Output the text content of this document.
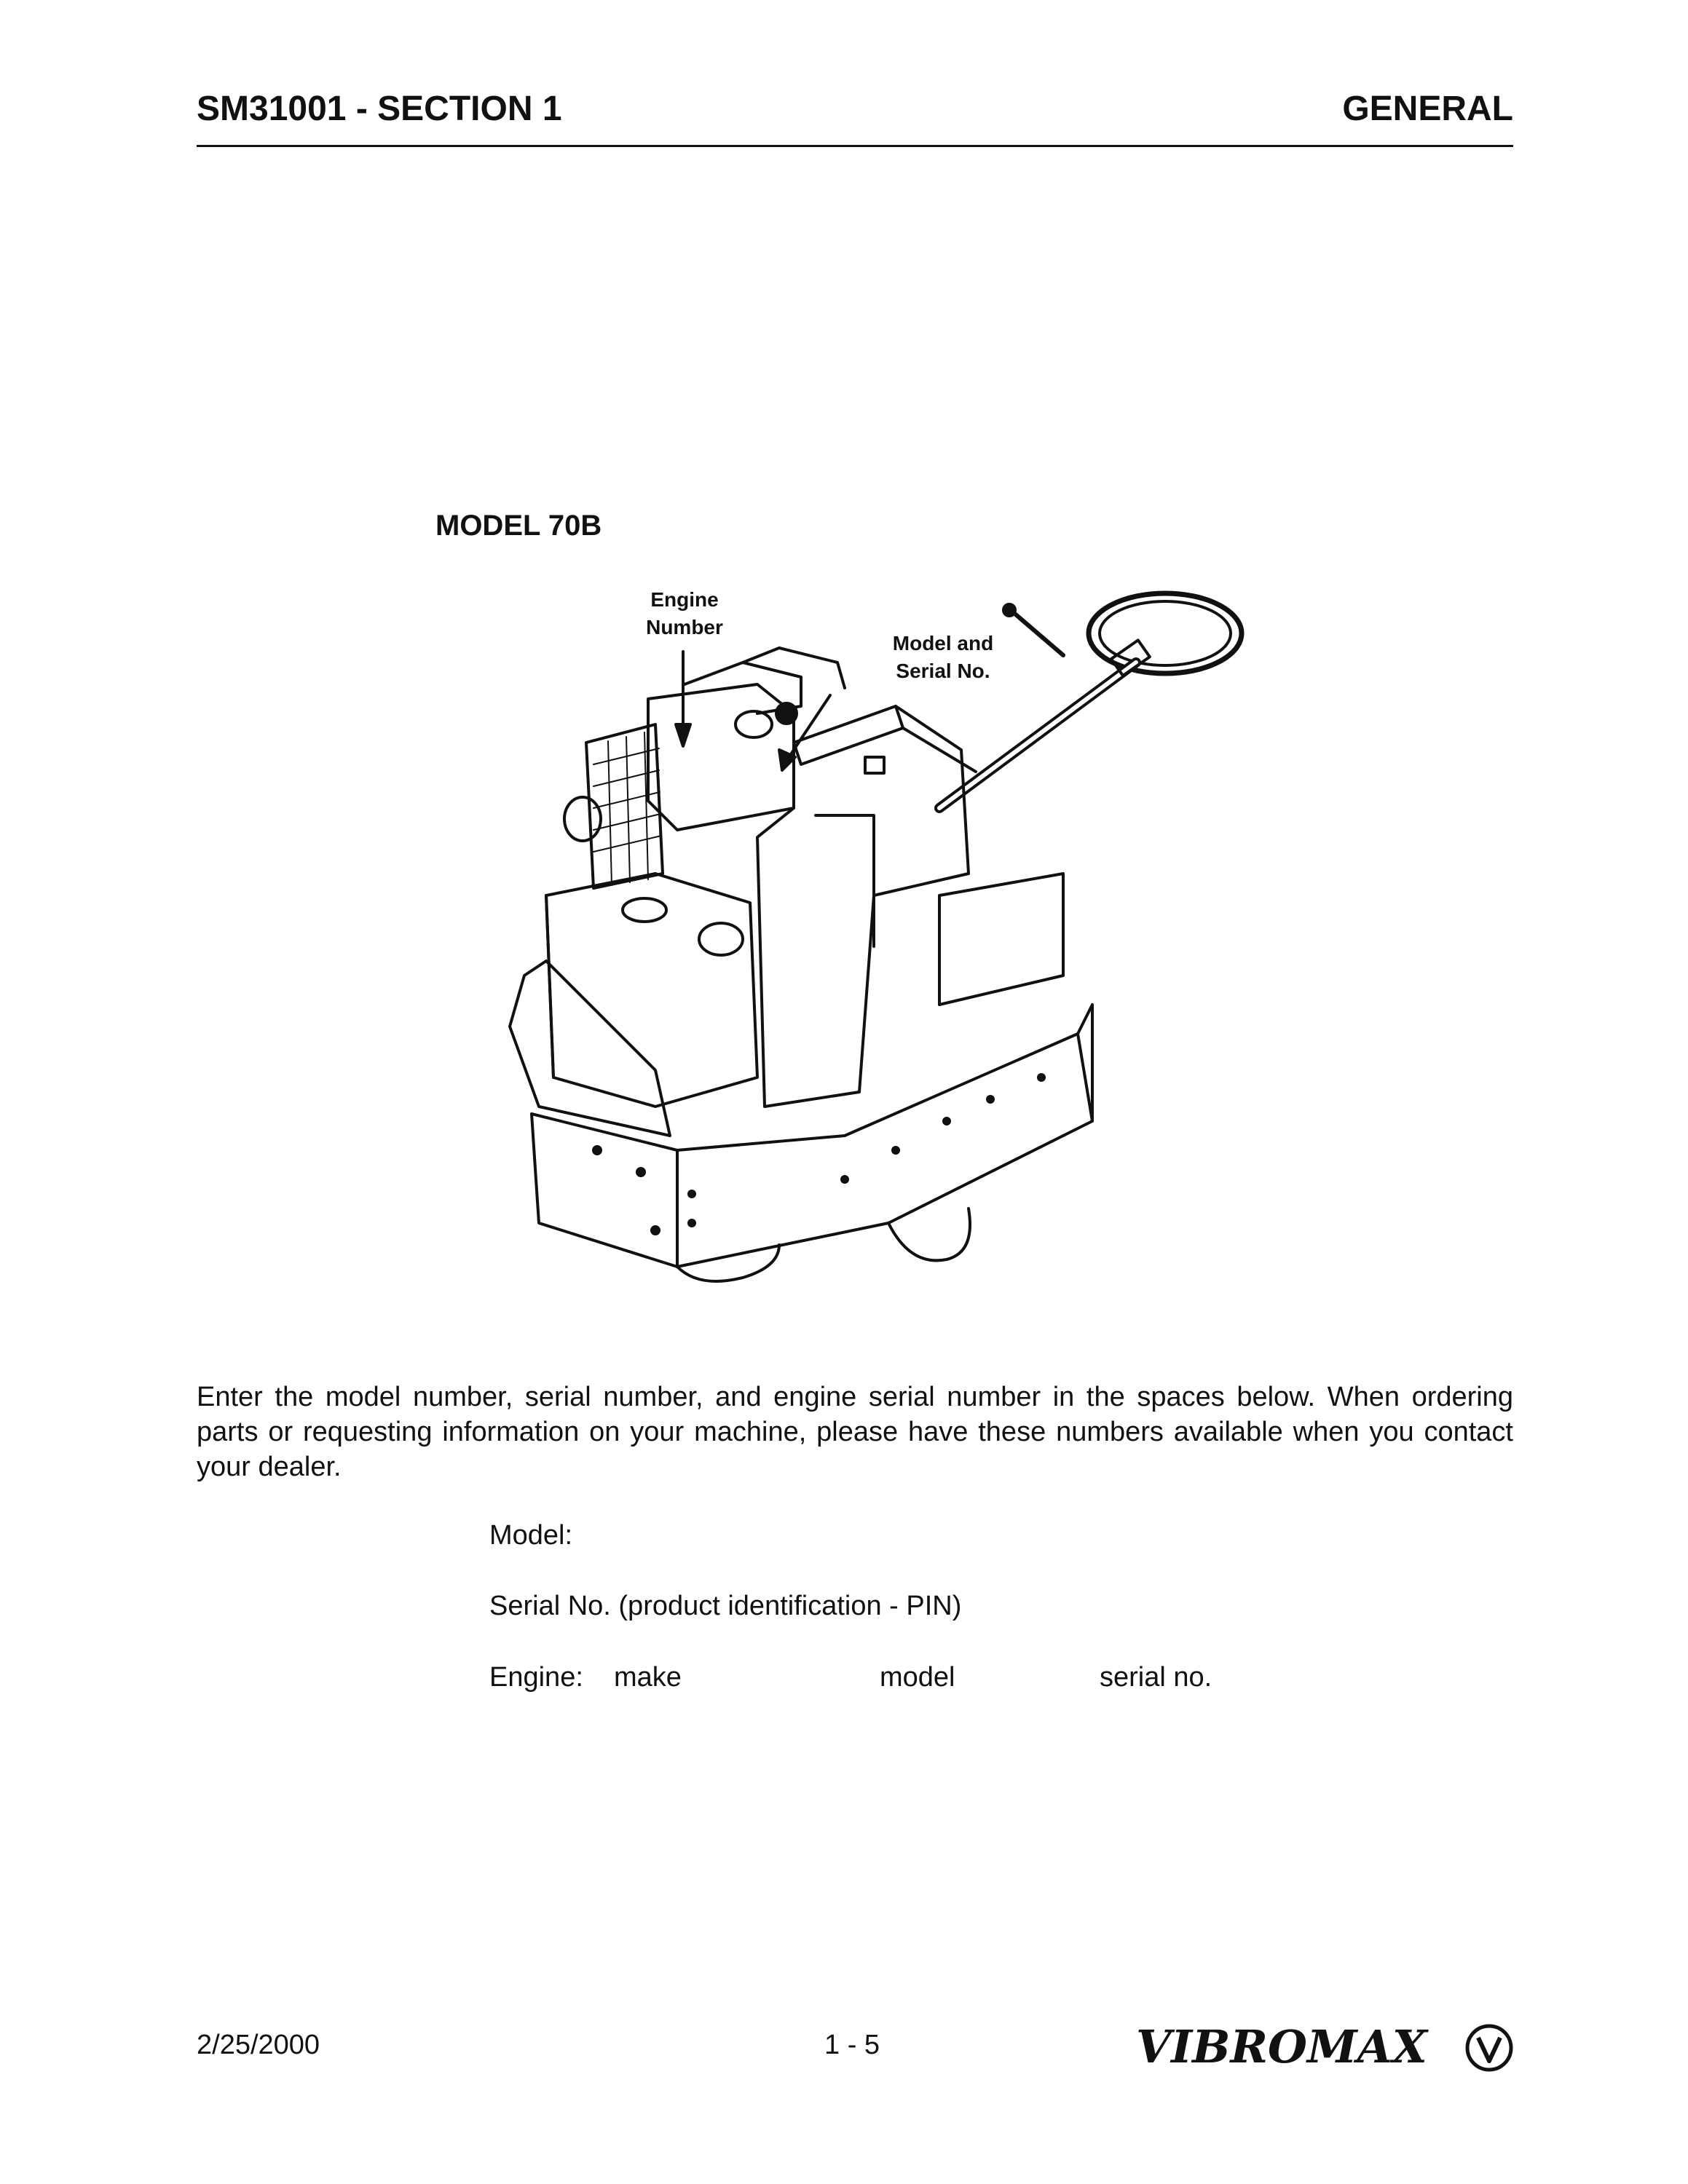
SM31001 - SECTION 1	GENERAL
MODEL 70B
Engine
Number
Model and
Serial No.
Enter the model number, serial number, and engine serial number in the spaces below. When ordering parts or requesting information on your machine, please have these numbers available when you contact your dealer.
Model:
Serial No. (product identification - PIN)
Engine: make	model	serial no.
2/25/2000	1 - 5	VIBROMAX
